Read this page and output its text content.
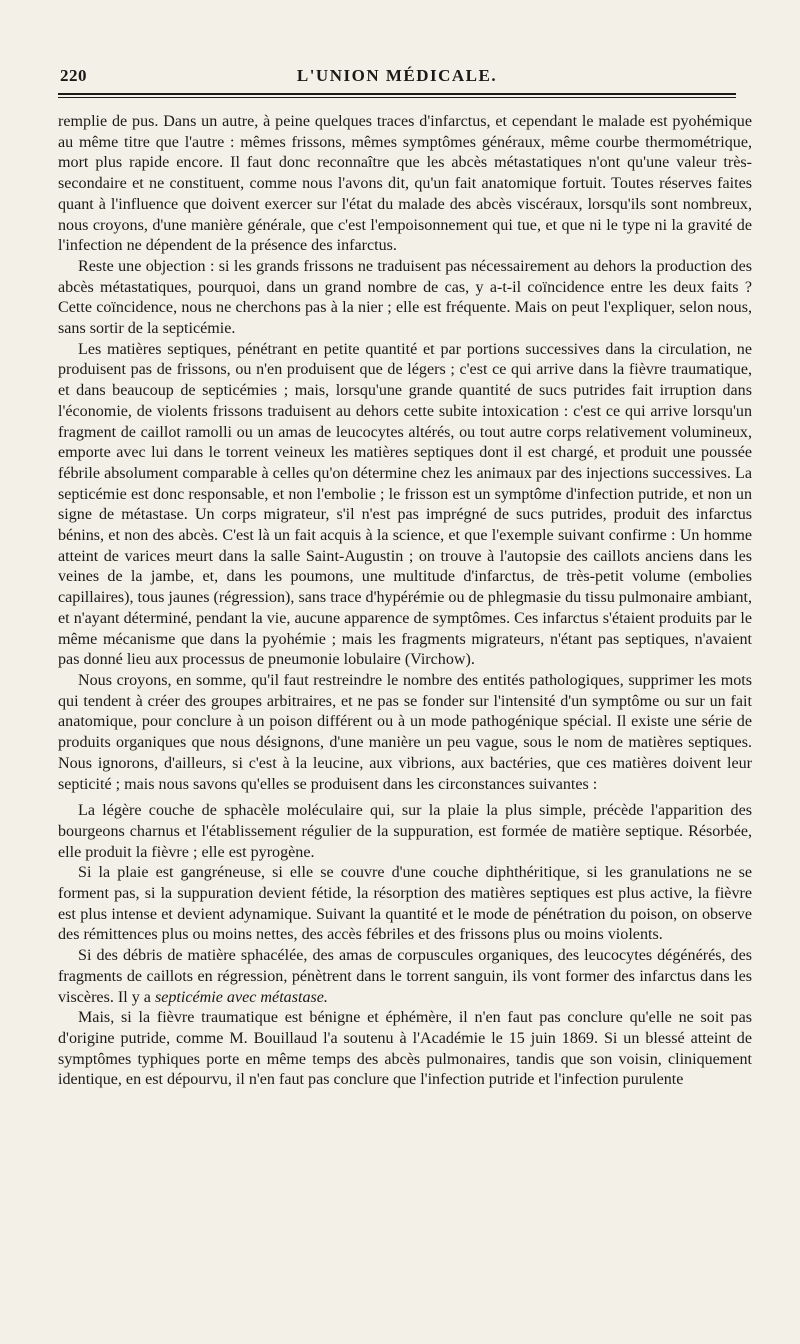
220	L'UNION MÉDICALE.

remplie de pus. Dans un autre, à peine quelques traces d'infarctus, et cependant le malade est pyohémique au même titre que l'autre : mêmes frissons, mêmes symptômes généraux, même courbe thermométrique, mort plus rapide encore. Il faut donc reconnaître que les abcès métastatiques n'ont qu'une valeur très-secondaire et ne constituent, comme nous l'avons dit, qu'un fait anatomique fortuit. Toutes réserves faites quant à l'influence que doivent exercer sur l'état du malade des abcès viscéraux, lorsqu'ils sont nombreux, nous croyons, d'une manière générale, que c'est l'empoisonnement qui tue, et que ni le type ni la gravité de l'infection ne dépendent de la présence des infarctus.

Reste une objection : si les grands frissons ne traduisent pas nécessairement au dehors la production des abcès métastatiques, pourquoi, dans un grand nombre de cas, y a-t-il coïncidence entre les deux faits ? Cette coïncidence, nous ne cherchons pas à la nier ; elle est fréquente. Mais on peut l'expliquer, selon nous, sans sortir de la septicémie.

Les matières septiques, pénétrant en petite quantité et par portions successives dans la circulation, ne produisent pas de frissons, ou n'en produisent que de légers ; c'est ce qui arrive dans la fièvre traumatique, et dans beaucoup de septicémies ; mais, lorsqu'une grande quantité de sucs putrides fait irruption dans l'économie, de violents frissons traduisent au dehors cette subite intoxication : c'est ce qui arrive lorsqu'un fragment de caillot ramolli ou un amas de leucocytes altérés, ou tout autre corps relativement volumineux, emporte avec lui dans le torrent veineux les matières septiques dont il est chargé, et produit une poussée fébrile absolument comparable à celles qu'on détermine chez les animaux par des injections successives. La septicémie est donc responsable, et non l'embolie ; le frisson est un symptôme d'infection putride, et non un signe de métastase. Un corps migrateur, s'il n'est pas imprégné de sucs putrides, produit des infarctus bénins, et non des abcès. C'est là un fait acquis à la science, et que l'exemple suivant confirme : Un homme atteint de varices meurt dans la salle Saint-Augustin ; on trouve à l'autopsie des caillots anciens dans les veines de la jambe, et, dans les poumons, une multitude d'infarctus, de très-petit volume (embolies capillaires), tous jaunes (régression), sans trace d'hypérémie ou de phlegmasie du tissu pulmonaire ambiant, et n'ayant déterminé, pendant la vie, aucune apparence de symptômes. Ces infarctus s'étaient produits par le même mécanisme que dans la pyohémie ; mais les fragments migrateurs, n'étant pas septiques, n'avaient pas donné lieu aux processus de pneumonie lobulaire (Virchow).

Nous croyons, en somme, qu'il faut restreindre le nombre des entités pathologiques, supprimer les mots qui tendent à créer des groupes arbitraires, et ne pas se fonder sur l'intensité d'un symptôme ou sur un fait anatomique, pour conclure à un poison différent ou à un mode pathogénique spécial. Il existe une série de produits organiques que nous désignons, d'une manière un peu vague, sous le nom de matières septiques. Nous ignorons, d'ailleurs, si c'est à la leucine, aux vibrions, aux bactéries, que ces matières doivent leur septicité ; mais nous savons qu'elles se produisent dans les circonstances suivantes :

La légère couche de sphacèle moléculaire qui, sur la plaie la plus simple, précède l'apparition des bourgeons charnus et l'établissement régulier de la suppuration, est formée de matière septique. Résorbée, elle produit la fièvre ; elle est pyrogène.

Si la plaie est gangréneuse, si elle se couvre d'une couche diphthéritique, si les granulations ne se forment pas, si la suppuration devient fétide, la résorption des matières septiques est plus active, la fièvre est plus intense et devient adynamique. Suivant la quantité et le mode de pénétration du poison, on observe des rémittences plus ou moins nettes, des accès fébriles et des frissons plus ou moins violents.

Si des débris de matière sphacélée, des amas de corpuscules organiques, des leucocytes dégénérés, des fragments de caillots en régression, pénètrent dans le torrent sanguin, ils vont former des infarctus dans les viscères. Il y a septicémie avec métastase.

Mais, si la fièvre traumatique est bénigne et éphémère, il n'en faut pas conclure qu'elle ne soit pas d'origine putride, comme M. Bouillaud l'a soutenu à l'Académie le 15 juin 1869. Si un blessé atteint de symptômes typhiques porte en même temps des abcès pulmonaires, tandis que son voisin, cliniquement identique, en est dépourvu, il n'en faut pas conclure que l'infection putride et l'infection purulente
